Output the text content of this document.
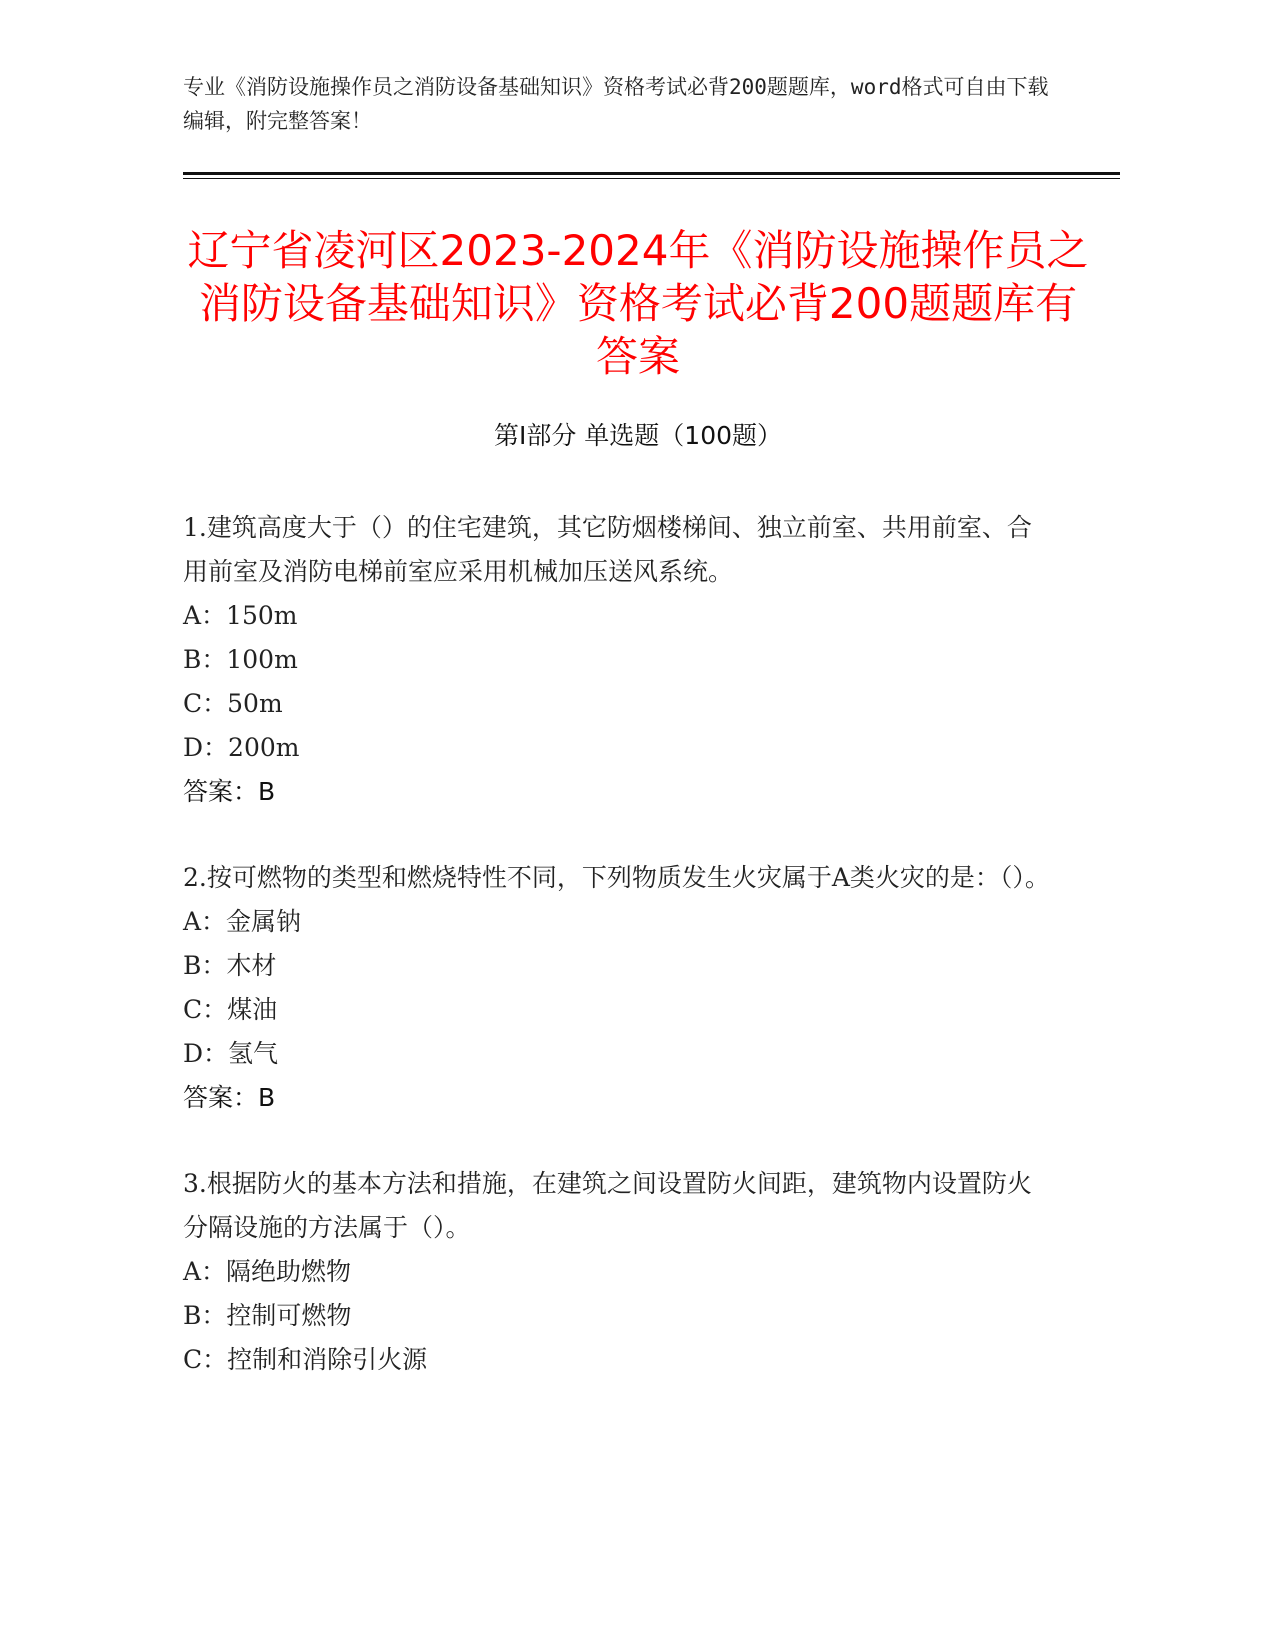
专业《消防设施操作员之消防设备基础知识》资格考试必背200题题库，word格式可自由下载编辑，附完整答案！
辽宁省凌河区2023-2024年《消防设施操作员之消防设备基础知识》资格考试必背200题题库有答案
第I部分 单选题（100题）

1.建筑高度大于（）的住宅建筑，其它防烟楼梯间、独立前室、共用前室、合用前室及消防电梯前室应采用机械加压送风系统。

A：150m
B：100m
C：50m
D：200m
答案：B

2.按可燃物的类型和燃烧特性不同，下列物质发生火灾属于A类火灾的是：（）。

A：金属钠
B：木材
C：煤油
D：氢气
答案：B

3.根据防火的基本方法和措施，在建筑之间设置防火间距，建筑物内设置防火分隔设施的方法属于（）。

A：隔绝助燃物
B：控制可燃物
C：控制和消除引火源
